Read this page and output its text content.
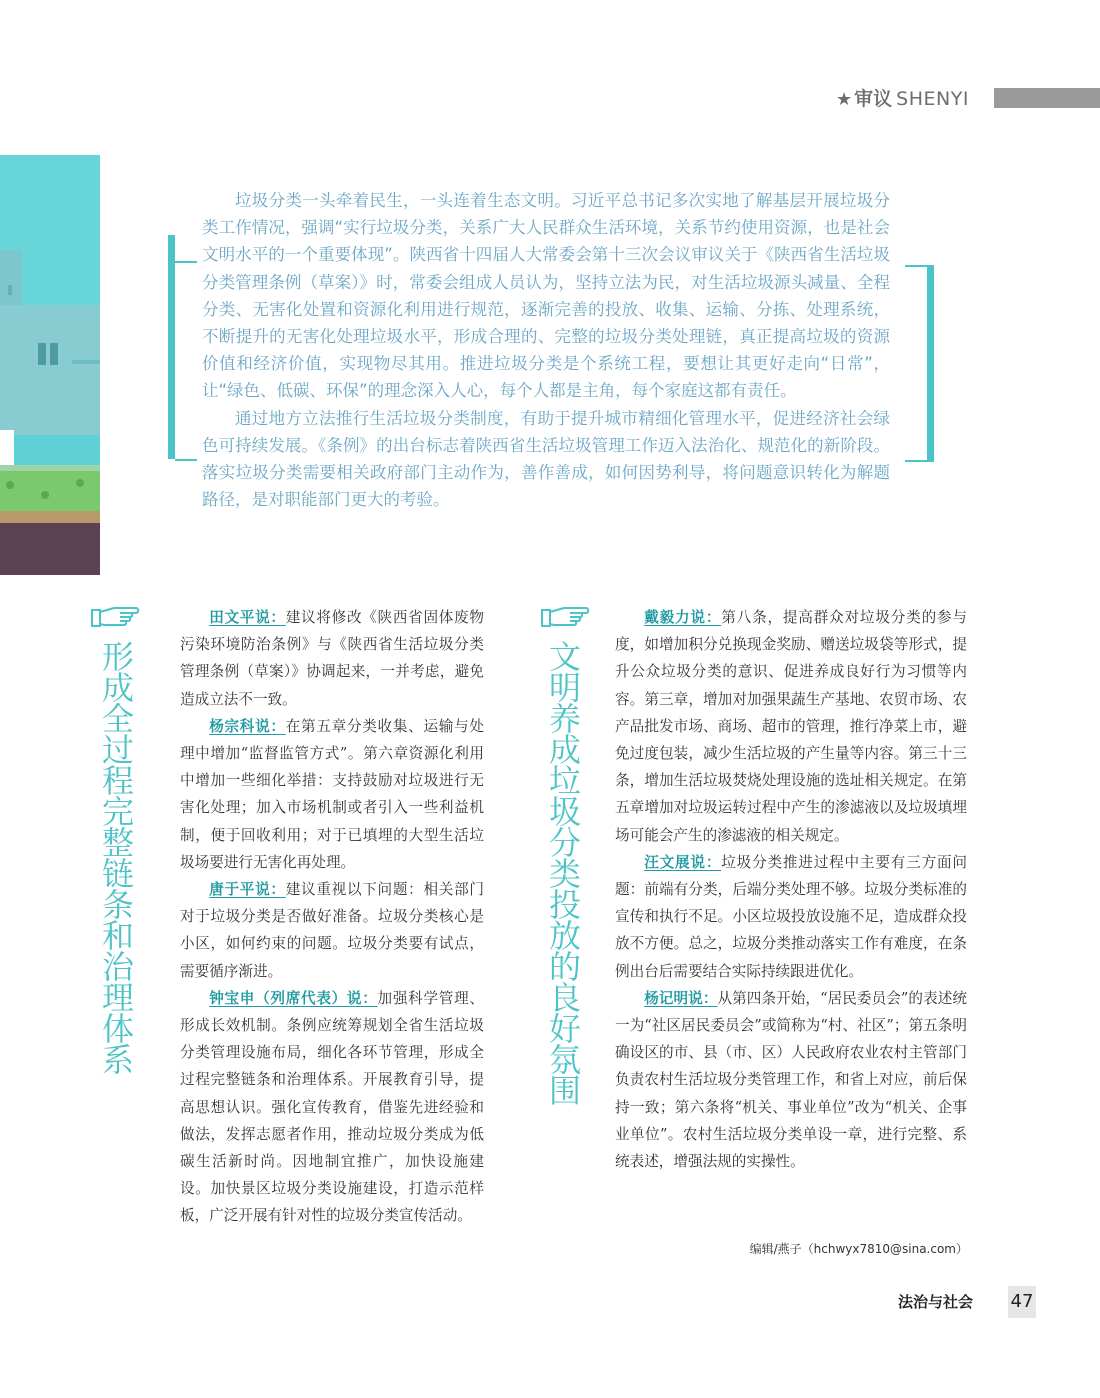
★ 审议 SHENYI

垃圾分类一头牵着民生，一头连着生态文明。习近平总书记多次实地了解基层开展垃圾分类工作情况，强调“实行垃圾分类，关系广大人民群众生活环境，关系节约使用资源，也是社会文明水平的一个重要体现”。陕西省十四届人大常委会第十三次会议审议关于《陕西省生活垃圾分类管理条例（草案）》时，常委会组成人员认为，坚持立法为民，对生活垃圾源头减量、全程分类、无害化处置和资源化利用进行规范，逐渐完善的投放、收集、运输、分拣、处理系统，不断提升的无害化处理垃圾水平，形成合理的、完整的垃圾分类处理链，真正提高垃圾的资源价值和经济价值，实现物尽其用。推进垃圾分类是个系统工程，要想让其更好走向“日常”，让“绿色、低碳、环保”的理念深入人心，每个人都是主角，每个家庭这都有责任。

通过地方立法推行生活垃圾分类制度，有助于提升城市精细化管理水平，促进经济社会绿色可持续发展。《条例》的出台标志着陕西省生活垃圾管理工作迈入法治化、规范化的新阶段。落实垃圾分类需要相关政府部门主动作为，善作善成，如何因势利导，将问题意识转化为解题路径，是对职能部门更大的考验。

形成全过程完整链条和治理体系

田文平说：建议将修改《陕西省固体废物污染环境防治条例》与《陕西省生活垃圾分类管理条例（草案）》协调起来，一并考虑，避免造成立法不一致。

杨宗科说：在第五章分类收集、运输与处理中增加“监督监管方式”。第六章资源化利用中增加一些细化举措：支持鼓励对垃圾进行无害化处理；加入市场机制或者引入一些利益机制，便于回收利用；对于已填埋的大型生活垃圾场要进行无害化再处理。

唐于平说：建议重视以下问题：相关部门对于垃圾分类是否做好准备。垃圾分类核心是小区，如何约束的问题。垃圾分类要有试点，需要循序渐进。

钟宝申（列席代表）说：加强科学管理、形成长效机制。条例应统筹规划全省生活垃圾分类管理设施布局，细化各环节管理，形成全过程完整链条和治理体系。开展教育引导，提高思想认识。强化宣传教育，借鉴先进经验和做法，发挥志愿者作用，推动垃圾分类成为低碳生活新时尚。因地制宜推广，加快设施建设。加快景区垃圾分类设施建设，打造示范样板，广泛开展有针对性的垃圾分类宣传活动。

文明养成垃圾分类投放的良好氛围

戴毅力说：第八条，提高群众对垃圾分类的参与度，如增加积分兑换现金奖励、赠送垃圾袋等形式，提升公众垃圾分类的意识、促进养成良好行为习惯等内容。第三章，增加对加强果蔬生产基地、农贸市场、农产品批发市场、商场、超市的管理，推行净菜上市，避免过度包装，减少生活垃圾的产生量等内容。第三十三条，增加生活垃圾焚烧处理设施的选址相关规定。在第五章增加对垃圾运转过程中产生的渗滤液以及垃圾填埋场可能会产生的渗滤液的相关规定。

汪文展说：垃圾分类推进过程中主要有三方面问题：前端有分类，后端分类处理不够。垃圾分类标准的宣传和执行不足。小区垃圾投放设施不足，造成群众投放不方便。总之，垃圾分类推动落实工作有难度，在条例出台后需要结合实际持续跟进优化。

杨记明说：从第四条开始，“居民委员会”的表述统一为“社区居民委员会”或简称为“村、社区”；第五条明确设区的市、县（市、区）人民政府农业农村主管部门负责农村生活垃圾分类管理工作，和省上对应，前后保持一致；第六条将“机关、事业单位”改为“机关、企事业单位”。农村生活垃圾分类单设一章，进行完整、系统表述，增强法规的实操性。

编辑/燕子（hchwyx7810@sina.com）
法治与社会 47
